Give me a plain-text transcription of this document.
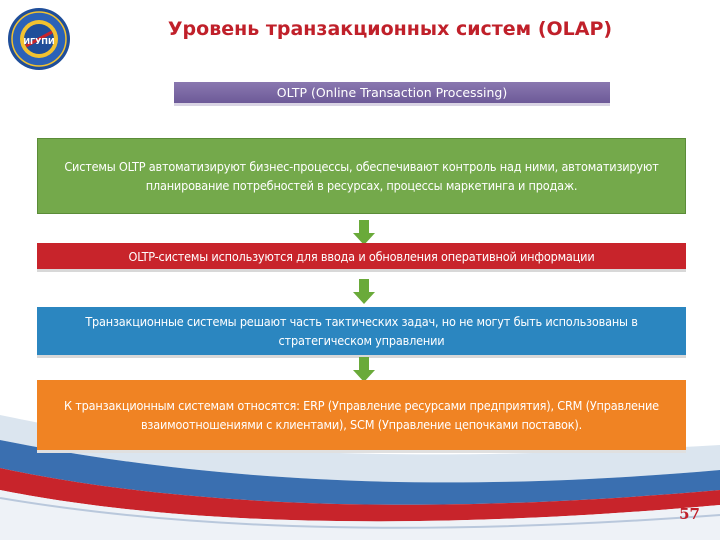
ИГУПИ
Уровень транзакционных систем (OLAP)
OLTP (Online Transaction Processing)
Системы OLTP автоматизируют бизнес-процессы, обеспечивают контроль над ними, автоматизируют планирование потребностей в ресурсах, процессы маркетинга и продаж.
OLTP-системы используются для ввода и обновления оперативной информации
Транзакционные системы решают часть тактических задач, но не могут быть использованы в стратегическом управлении
К транзакционным системам относятся: ERP (Управление ресурсами предприятия), CRM (Управление взаимоотношениями с клиентами), SCM (Управление цепочками поставок).
57
